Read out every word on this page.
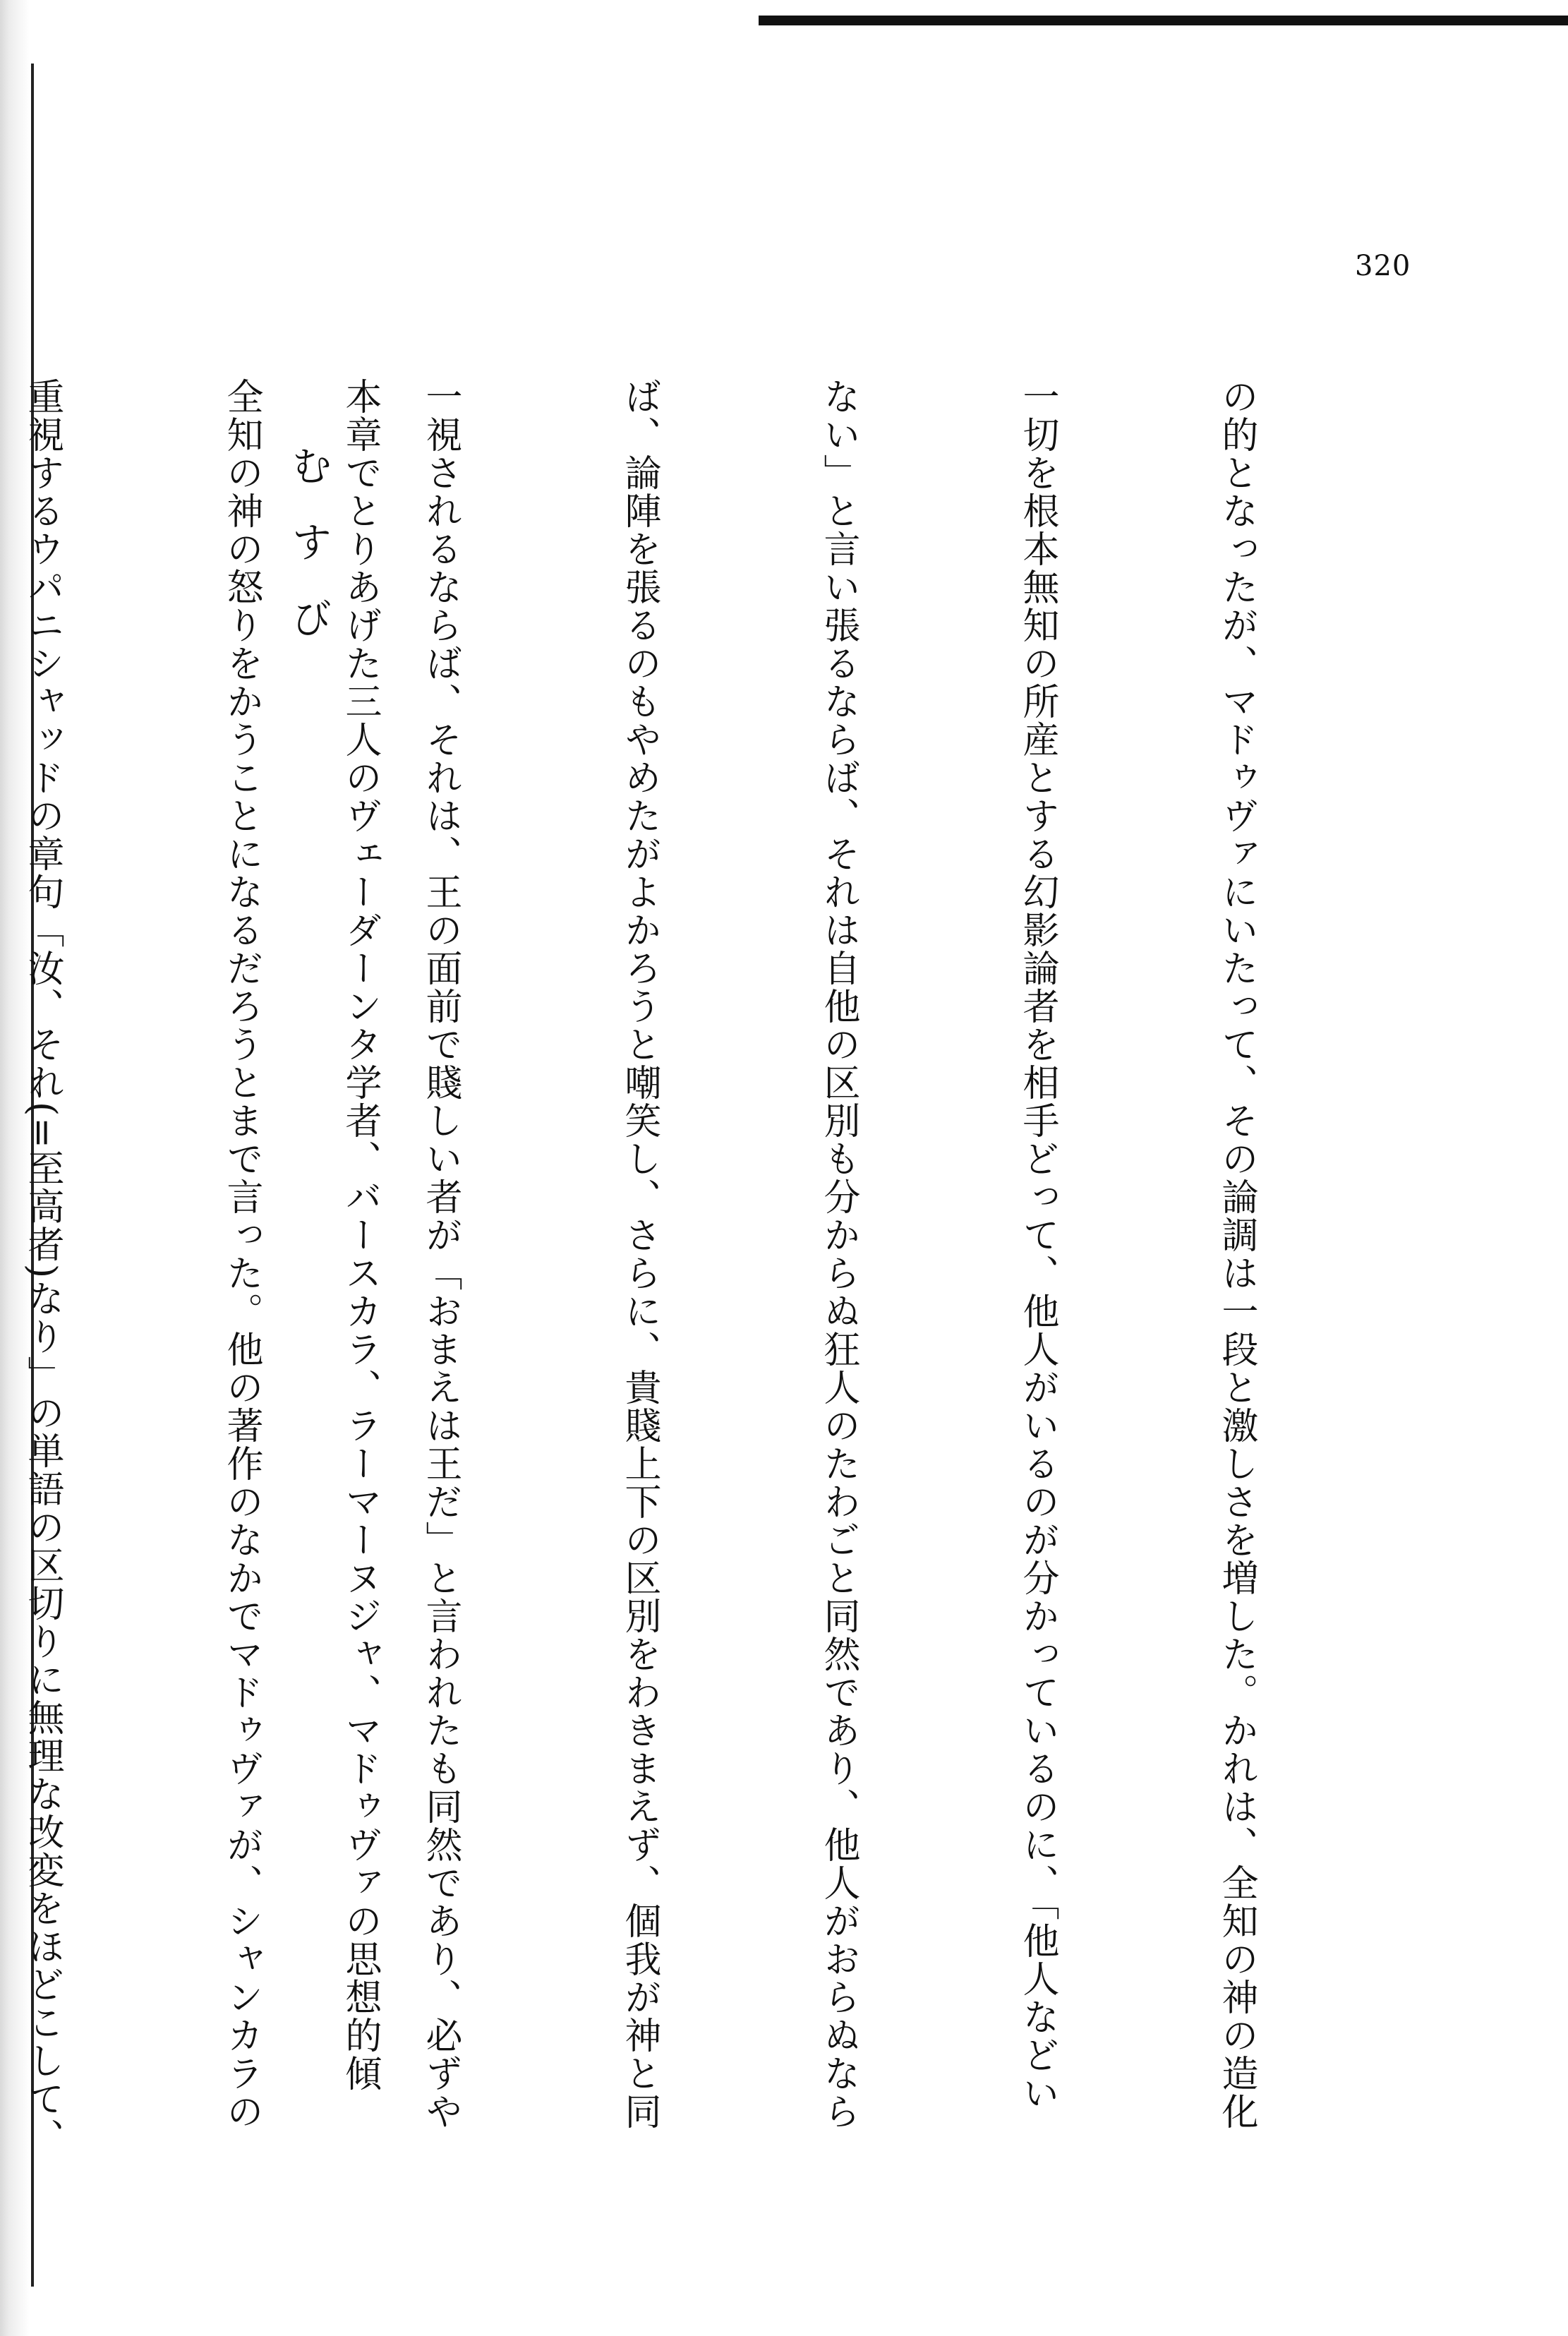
320

の的となったが、マドゥヴァにいたって、その論調は一段と激しさを増した。かれは、全知の神の造化

一切を根本無知の所産とする幻影論者を相手どって、他人がいるのが分かっているのに、「他人などい

ない」と言い張るならば、それは自他の区別も分からぬ狂人のたわごと同然であり、他人がおらぬなら

ば、論陣を張るのもやめたがよかろうと嘲笑し、さらに、貴賤上下の区別をわきまえず、個我が神と同

一視されるならば、それは、王の面前で賤しい者が「おまえは王だ」と言われたも同然であり、必ずや

全知の神の怒りをかうことになるだろうとまで言った。他の著作のなかでマドゥヴァが、シャンカラの

重視するウパニシャッドの章句「汝、それ(=至高者)なり」の単語の区切りに無理な改変をほどこして、

	むすび

本章でとりあげた三人のヴェーダーンタ学者、バースカラ、ラーマーヌジャ、マドゥヴァの思想的傾
